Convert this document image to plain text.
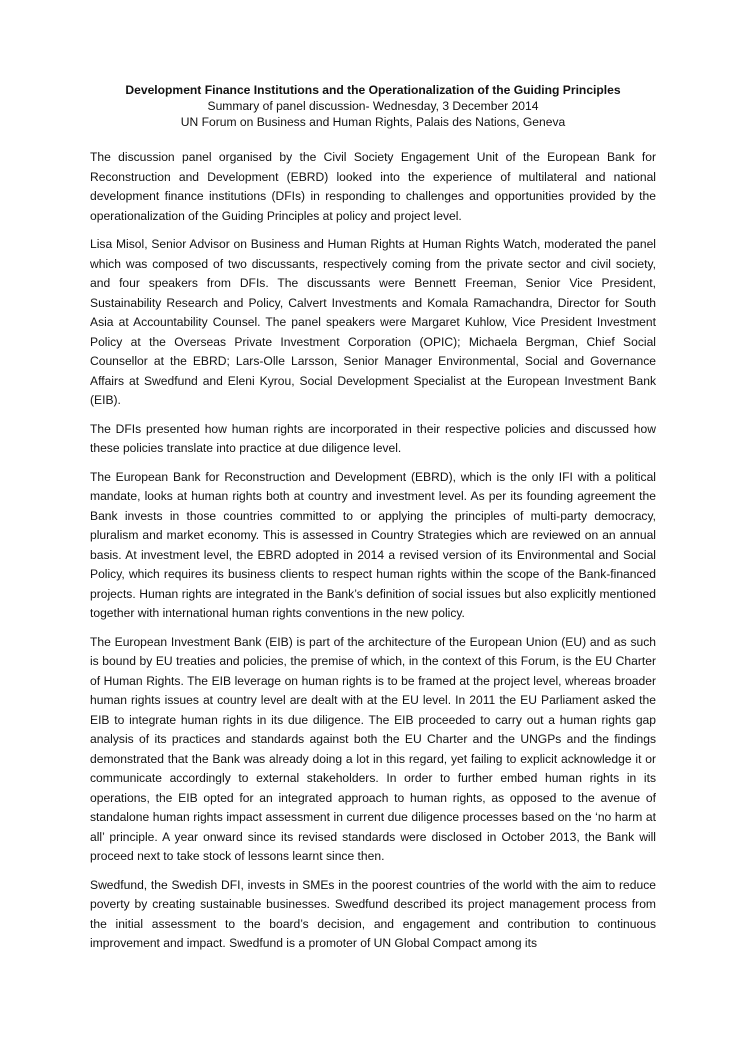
Development Finance Institutions and the Operationalization of the Guiding Principles
Summary of panel discussion- Wednesday, 3 December 2014
UN Forum on Business and Human Rights, Palais des Nations, Geneva

The discussion panel organised by the Civil Society Engagement Unit of the European Bank for Reconstruction and Development (EBRD) looked into the experience of multilateral and national development finance institutions (DFIs) in responding to challenges and opportunities provided by the operationalization of the Guiding Principles at policy and project level.

Lisa Misol, Senior Advisor on Business and Human Rights at Human Rights Watch, moderated the panel which was composed of two discussants, respectively coming from the private sector and civil society, and four speakers from DFIs. The discussants were Bennett Freeman, Senior Vice President, Sustainability Research and Policy, Calvert Investments and Komala Ramachandra, Director for South Asia at Accountability Counsel. The panel speakers were Margaret Kuhlow, Vice President Investment Policy at the Overseas Private Investment Corporation (OPIC); Michaela Bergman, Chief Social Counsellor at the EBRD; Lars-Olle Larsson, Senior Manager Environmental, Social and Governance Affairs at Swedfund and Eleni Kyrou, Social Development Specialist at the European Investment Bank (EIB).

The DFIs presented how human rights are incorporated in their respective policies and discussed how these policies translate into practice at due diligence level.

The European Bank for Reconstruction and Development (EBRD), which is the only IFI with a political mandate, looks at human rights both at country and investment level. As per its founding agreement the Bank invests in those countries committed to or applying the principles of multi-party democracy, pluralism and market economy. This is assessed in Country Strategies which are reviewed on an annual basis. At investment level, the EBRD adopted in 2014 a revised version of its Environmental and Social Policy, which requires its business clients to respect human rights within the scope of the Bank-financed projects. Human rights are integrated in the Bank’s definition of social issues but also explicitly mentioned together with international human rights conventions in the new policy.

The European Investment Bank (EIB) is part of the architecture of the European Union (EU) and as such is bound by EU treaties and policies, the premise of which, in the context of this Forum, is the EU Charter of Human Rights. The EIB leverage on human rights is to be framed at the project level, whereas broader human rights issues at country level are dealt with at the EU level. In 2011 the EU Parliament asked the EIB to integrate human rights in its due diligence. The EIB proceeded to carry out a human rights gap analysis of its practices and standards against both the EU Charter and the UNGPs and the findings demonstrated that the Bank was already doing a lot in this regard, yet failing to explicit acknowledge it or communicate accordingly to external stakeholders. In order to further embed human rights in its operations, the EIB opted for an integrated approach to human rights, as opposed to the avenue of standalone human rights impact assessment in current due diligence processes based on the ‘no harm at all’ principle. A year onward since its revised standards were disclosed in October 2013, the Bank will proceed next to take stock of lessons learnt since then.

Swedfund, the Swedish DFI, invests in SMEs in the poorest countries of the world with the aim to reduce poverty by creating sustainable businesses. Swedfund described its project management process from the initial assessment to the board’s decision, and engagement and contribution to continuous improvement and impact. Swedfund is a promoter of UN Global Compact among its
